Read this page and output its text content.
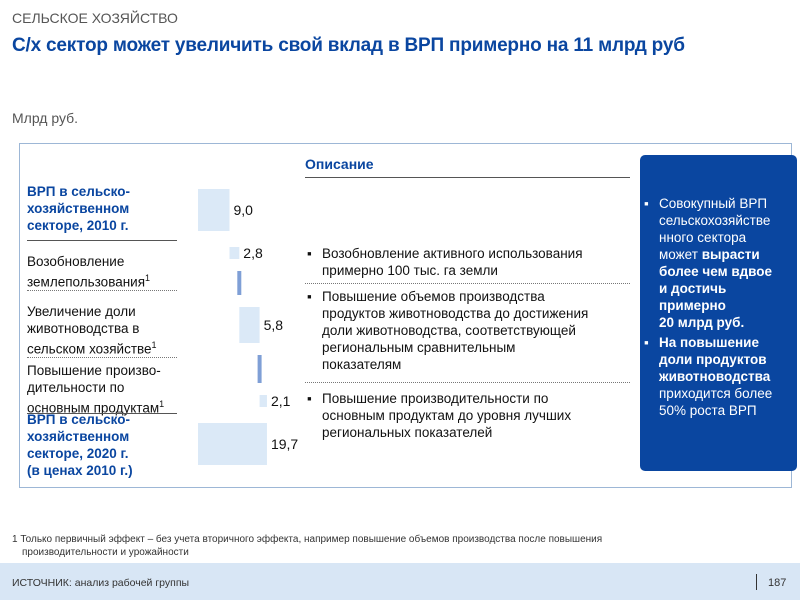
СЕЛЬСКОЕ ХОЗЯЙСТВО
С/х сектор может увеличить свой вклад в ВРП примерно на 11 млрд руб
Млрд руб.
ВРП в сельско-
хозяйственном
секторе, 2010 г.
Возобновление
землепользования$^1$
Увеличение доли
животноводства в
сельском хозяйстве$^1$
Повышение произво-
дительности по
основным продуктам$^1$
ВРП в сельско-
хозяйственном
секторе, 2020 г.
(в ценах 2010 г.)
9,0
2,8
5,8
2,1
19,7
Описание
▪ Возобновление активного использования
примерно 100 тыс. га земли
▪ Повышение объемов производства
продуктов животноводства до достижения
доли животноводства, соответствующей
региональным сравнительным
показателям
▪ Повышение производительности по
основным продуктам до уровня лучших
региональных показателей
▪ Совокупный ВРП
сельскохозяйстве
нного сектора
может вырасти
более чем вдвое
и достичь
примерно
20 млрд руб.
▪ На повышение
доли продуктов
животноводства
приходится более
50% роста ВРП
1 Только первичный эффект – без учета вторичного эффекта, например повышение объемов производства после повышения
производительности и урожайности
ИСТОЧНИК: анализ рабочей группы	187
